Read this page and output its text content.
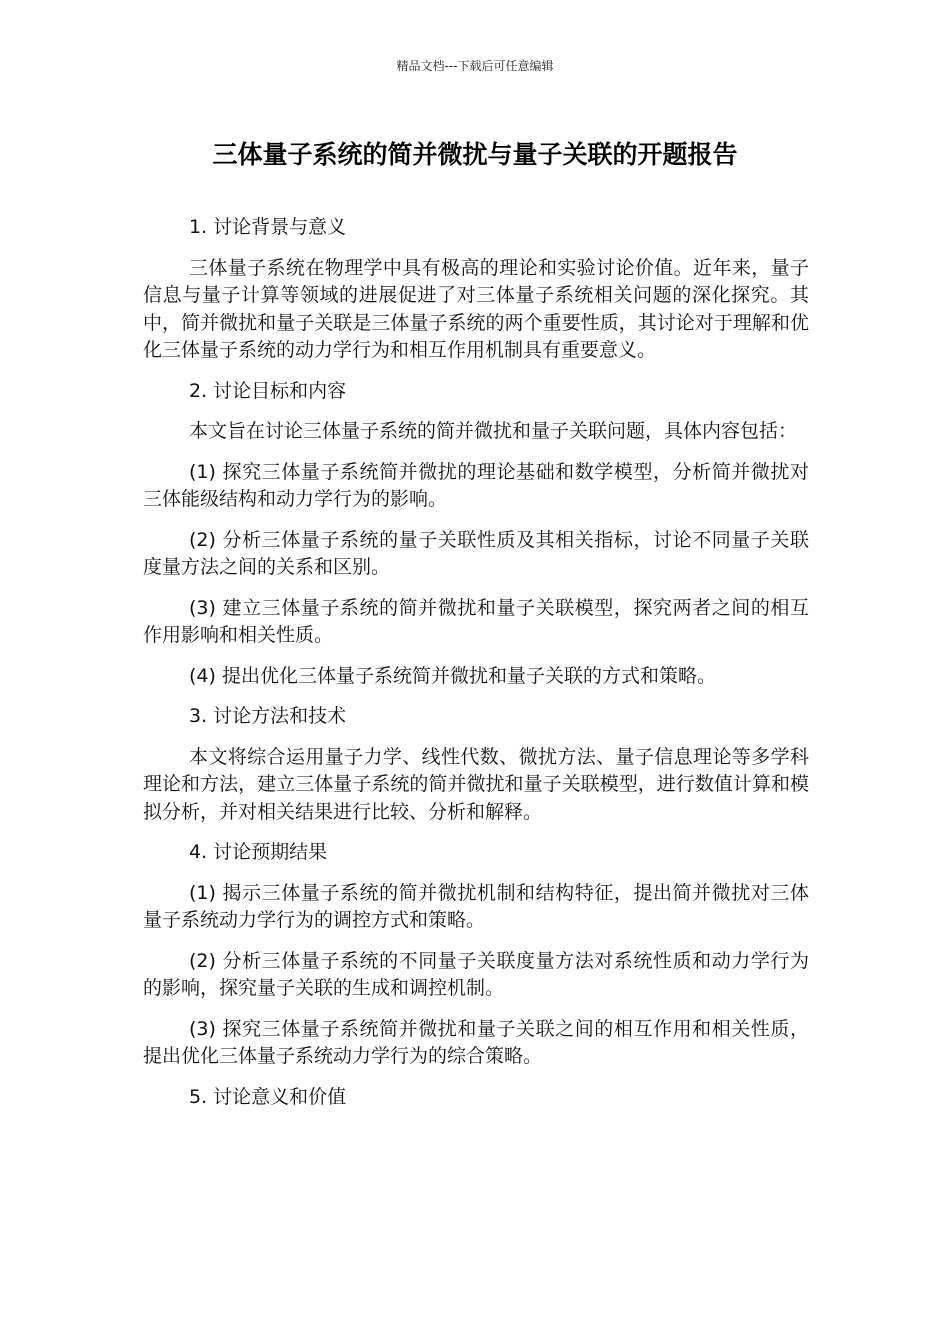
精品文档---下载后可任意编辑
三体量子系统的简并微扰与量子关联的开题报告

1. 讨论背景与意义

三体量子系统在物理学中具有极高的理论和实验讨论价值。近年来，量子信息与量子计算等领域的进展促进了对三体量子系统相关问题的深化探究。其中，简并微扰和量子关联是三体量子系统的两个重要性质，其讨论对于理解和优化三体量子系统的动力学行为和相互作用机制具有重要意义。

2. 讨论目标和内容

本文旨在讨论三体量子系统的简并微扰和量子关联问题，具体内容包括：

(1) 探究三体量子系统简并微扰的理论基础和数学模型，分析简并微扰对三体能级结构和动力学行为的影响。

(2) 分析三体量子系统的量子关联性质及其相关指标，讨论不同量子关联度量方法之间的关系和区别。

(3) 建立三体量子系统的简并微扰和量子关联模型，探究两者之间的相互作用影响和相关性质。

(4) 提出优化三体量子系统简并微扰和量子关联的方式和策略。

3. 讨论方法和技术

本文将综合运用量子力学、线性代数、微扰方法、量子信息理论等多学科理论和方法，建立三体量子系统的简并微扰和量子关联模型，进行数值计算和模拟分析，并对相关结果进行比较、分析和解释。

4. 讨论预期结果

(1) 揭示三体量子系统的简并微扰机制和结构特征，提出简并微扰对三体量子系统动力学行为的调控方式和策略。

(2) 分析三体量子系统的不同量子关联度量方法对系统性质和动力学行为的影响，探究量子关联的生成和调控机制。

(3) 探究三体量子系统简并微扰和量子关联之间的相互作用和相关性质，提出优化三体量子系统动力学行为的综合策略。

5. 讨论意义和价值
